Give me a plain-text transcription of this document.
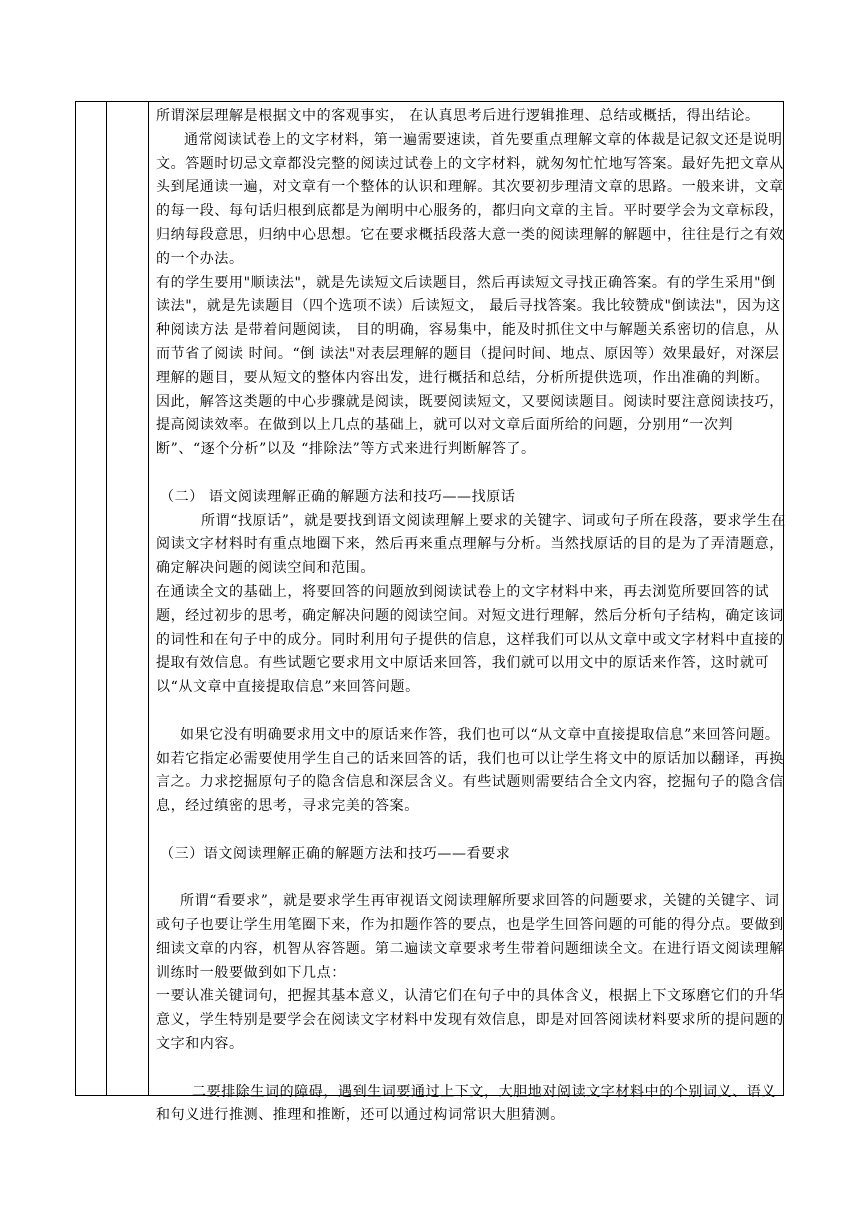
所谓深层理解是根据文中的客观事实， 在认真思考后进行逻辑推理、总结或概括，得出结论。

通常阅读试卷上的文字材料，第一遍需要速读，首先要重点理解文章的体裁是记叙文还是说明文。答题时切忌文章都没完整的阅读过试卷上的文字材料，就匆匆忙忙地写答案。最好先把文章从头到尾通读一遍，对文章有一个整体的认识和理解。其次要初步理清文章的思路。一般来讲，文章的每一段、每句话归根到底都是为阐明中心服务的，都归向文章的主旨。平时要学会为文章标段，归纳每段意思，归纳中心思想。它在要求概括段落大意一类的阅读理解的解题中，往往是行之有效的一个办法。

有的学生要用"顺读法"，就是先读短文后读题目，然后再读短文寻找正确答案。有的学生采用"倒读法"，就是先读题目（四个选项不读）后读短文， 最后寻找答案。我比较赞成"倒读法"，因为这种阅读方法 是带着问题阅读， 目的明确，容易集中，能及时抓住文中与解题关系密切的信息，从而节省了阅读 时间。“倒 读法"对表层理解的题目（提问时间、地点、原因等）效果最好，对深层理解的题目，要从短文的整体内容出发，进行概括和总结，分析所提供选项，作出准确的判断。

因此，解答这类题的中心步骤就是阅读，既要阅读短文，又要阅读题目。阅读时要注意阅读技巧，提高阅读效率。在做到以上几点的基础上，就可以对文章后面所给的问题，分别用“一次判断”、“逐个分析”以及 “排除法”等方式来进行判断解答了。

（二） 语文阅读理解正确的解题方法和技巧——找原话

所谓“找原话”，就是要找到语文阅读理解上要求的关键字、词或句子所在段落，要求学生在阅读文字材料时有重点地圈下来，然后再来重点理解与分析。当然找原话的目的是为了弄清题意，确定解决问题的阅读空间和范围。

在通读全文的基础上，将要回答的问题放到阅读试卷上的文字材料中来，再去浏览所要回答的试题，经过初步的思考，确定解决问题的阅读空间。对短文进行理解，然后分析句子结构，确定该词的词性和在句子中的成分。同时利用句子提供的信息，这样我们可以从文章中或文字材料中直接的提取有效信息。有些试题它要求用文中原话来回答，我们就可以用文中的原话来作答，这时就可以“从文章中直接提取信息”来回答问题。

如果它没有明确要求用文中的原话来作答，我们也可以“从文章中直接提取信息”来回答问题。如若它指定必需要使用学生自己的话来回答的话，我们也可以让学生将文中的原话加以翻译，再换言之。力求挖掘原句子的隐含信息和深层含义。有些试题则需要结合全文内容，挖掘句子的隐含信息，经过缜密的思考，寻求完美的答案。

（三）语文阅读理解正确的解题方法和技巧——看要求

所谓“看要求”，就是要求学生再审视语文阅读理解所要求回答的问题要求，关键的关键字、词或句子也要让学生用笔圈下来，作为扣题作答的要点，也是学生回答问题的可能的得分点。要做到细读文章的内容，机智从容答题。第二遍读文章要求考生带着问题细读全文。在进行语文阅读理解训练时一般要做到如下几点：

一要认准关键词句，把握其基本意义，认清它们在句子中的具体含义，根据上下文琢磨它们的升华意义，学生特别是要学会在阅读文字材料中发现有效信息，即是对回答阅读材料要求所的提问题的文字和内容。

二要排除生词的障碍，遇到生词要通过上下文，大胆地对阅读文字材料中的个别词义、语义和句义进行推测、推理和推断，还可以通过构词常识大胆猜测。
